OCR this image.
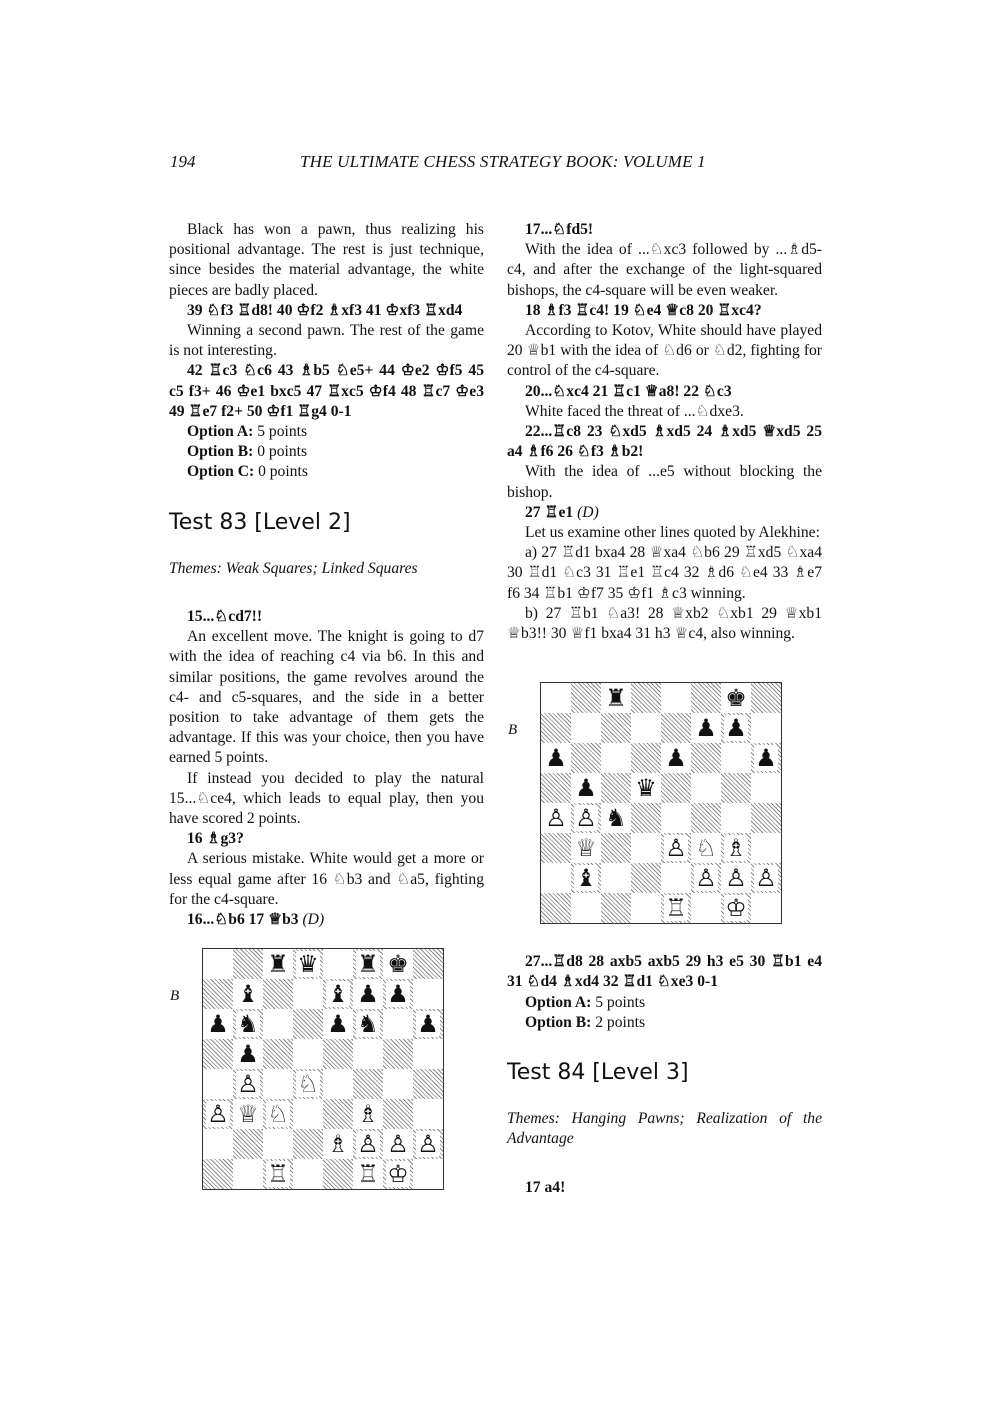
194	THE ULTIMATE CHESS STRATEGY BOOK: VOLUME 1

Black has won a pawn, thus realizing his positional advantage. The rest is just technique, since besides the material advantage, the white pieces are badly placed.

39 ♘f3 ♖d8! 40 ♔f2 ♗xf3 41 ♔xf3 ♖xd4

Winning a second pawn. The rest of the game is not interesting.

42 ♖c3 ♘c6 43 ♗b5 ♘e5+ 44 ♔e2 ♔f5 45 c5 f3+ 46 ♔e1 bxc5 47 ♖xc5 ♔f4 48 ♖c7 ♔e3 49 ♖e7 f2+ 50 ♔f1 ♖g4 0-1

Option A: 5 points

Option B: 0 points

Option C: 0 points

Test 83 [Level 2]

Themes: Weak Squares; Linked Squares

15...♘cd7!!

An excellent move. The knight is going to d7 with the idea of reaching c4 via b6. In this and similar positions, the game revolves around the c4- and c5-squares, and the side in a better position to take advantage of them gets the advantage. If this was your choice, then you have earned 5 points.

If instead you decided to play the natural 15...♘ce4, which leads to equal play, then you have scored 2 points.

16 ♗g3?

A serious mistake. White would get a more or less equal game after 16 ♘b3 and ♘a5, fighting for the c4-square.

16...♘b6 17 ♕b3 (D)

B
♜ ♛ ♜ ♚
♝	♝ ♟ ♟
♟ ♞	♟ ♞ ♟
♟
♙ ♘
♙ ♕ ♘	♗
♗ ♙ ♙ ♙
♖	♖ ♔

17...♘fd5!

With the idea of ...♘xc3 followed by ...♗d5-c4, and after the exchange of the light-squared bishops, the c4-square will be even weaker.

18 ♗f3 ♖c4! 19 ♘e4 ♕c8 20 ♖xc4?

According to Kotov, White should have played 20 ♕b1 with the idea of ♘d6 or ♘d2, fighting for control of the c4-square.

20...♘xc4 21 ♖c1 ♕a8! 22 ♘c3

White faced the threat of ...♘dxe3.

22...♖c8 23 ♘xd5 ♗xd5 24 ♗xd5 ♕xd5 25 a4 ♗f6 26 ♘f3 ♗b2!

With the idea of ...e5 without blocking the bishop.

27 ♖e1 (D)

Let us examine other lines quoted by Alekhine:

a) 27 ♖d1 bxa4 28 ♕xa4 ♘b6 29 ♖xd5 ♘xa4 30 ♖d1 ♘c3 31 ♖e1 ♖c4 32 ♗d6 ♘e4 33 ♗e7 f6 34 ♖b1 ♔f7 35 ♔f1 ♗c3 winning.

b) 27 ♖b1 ♘a3! 28 ♕xb2 ♘xb1 29 ♕xb1 ♕b3!! 30 ♕f1 bxa4 31 h3 ♕c4, also winning.

B
♜	♚
♟ ♟
♟	♟	♟
♟ ♛
♙ ♙ ♞
♕	♙ ♘ ♗
♝	♙ ♙ ♙
♖ ♔

27...♖d8 28 axb5 axb5 29 h3 e5 30 ♖b1 e4 31 ♘d4 ♗xd4 32 ♖d1 ♘xe3 0-1

Option A: 5 points

Option B: 2 points

Test 84 [Level 3]

Themes: Hanging Pawns; Realization of the Advantage

17 a4!
